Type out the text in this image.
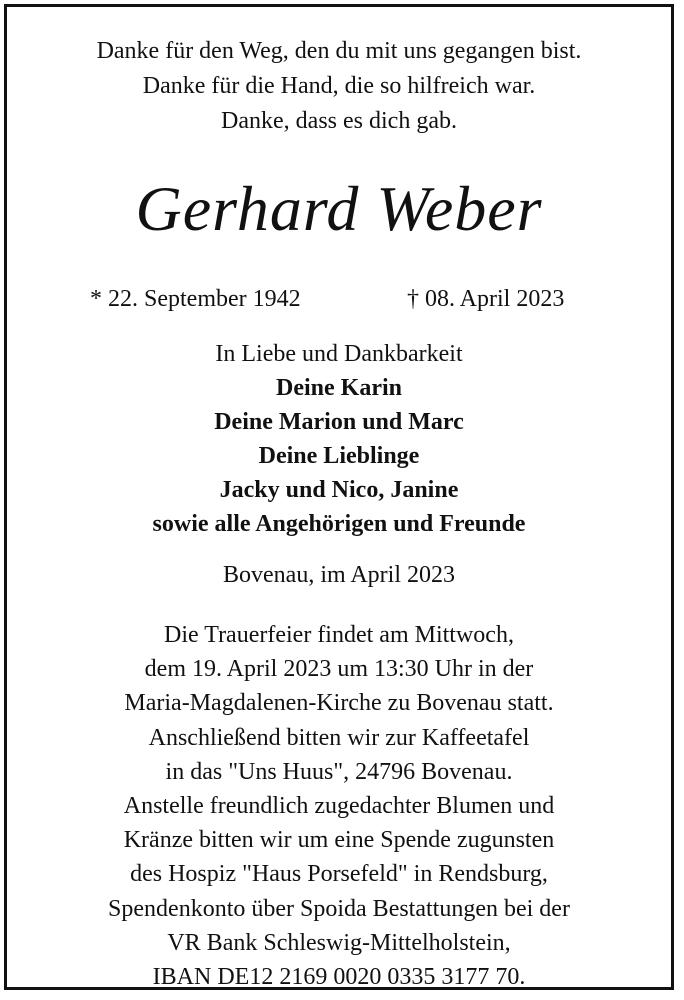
Danke für den Weg, den du mit uns gegangen bist.
Danke für die Hand, die so hilfreich war.
Danke, dass es dich gab.
Gerhard Weber
* 22. September 1942	† 08. April 2023
In Liebe und Dankbarkeit
Deine Karin
Deine Marion und Marc
Deine Lieblinge
Jacky und Nico, Janine
sowie alle Angehörigen und Freunde
Bovenau, im April 2023
Die Trauerfeier findet am Mittwoch,
dem 19. April 2023 um 13:30 Uhr in der
Maria-Magdalenen-Kirche zu Bovenau statt.
Anschließend bitten wir zur Kaffeetafel
in das "Uns Huus", 24796 Bovenau.
Anstelle freundlich zugedachter Blumen und
Kränze bitten wir um eine Spende zugunsten
des Hospiz "Haus Porsefeld" in Rendsburg,
Spendenkonto über Spoida Bestattungen bei der
VR Bank Schleswig-Mittelholstein,
IBAN DE12 2169 0020 0335 3177 70.
